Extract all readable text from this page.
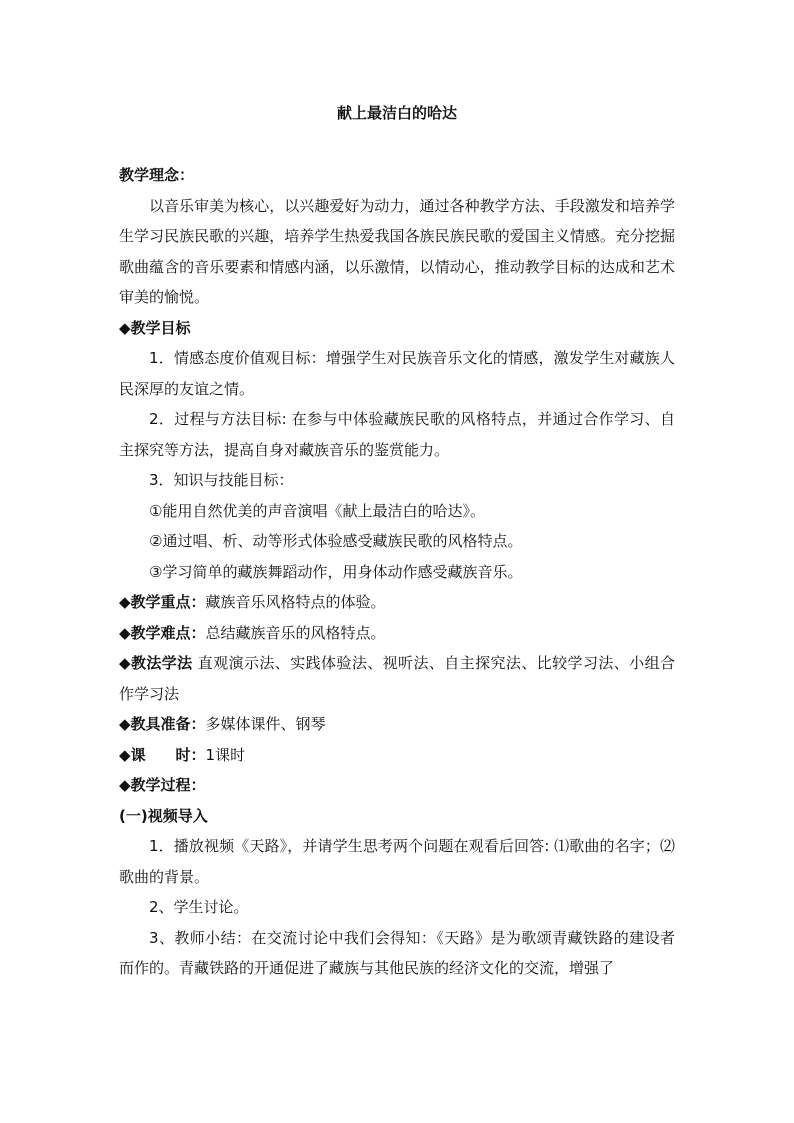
献上最洁白的哈达

教学理念：

以音乐审美为核心，以兴趣爱好为动力，通过各种教学方法、手段激发和培养学生学习民族民歌的兴趣，培养学生热爱我国各族民族民歌的爱国主义情感。充分挖掘歌曲蕴含的音乐要素和情感内涵，以乐激情，以情动心，推动教学目标的达成和艺术审美的愉悦。

◆教学目标

1．情感态度价值观目标：增强学生对民族音乐文化的情感，激发学生对藏族人民深厚的友谊之情。

2．过程与方法目标: 在参与中体验藏族民歌的风格特点，并通过合作学习、自主探究等方法，提高自身对藏族音乐的鉴赏能力。

3．知识与技能目标：

①能用自然优美的声音演唱《献上最洁白的哈达》。

②通过唱、析、动等形式体验感受藏族民歌的风格特点。

③学习简单的藏族舞蹈动作，用身体动作感受藏族音乐。

◆教学重点：藏族音乐风格特点的体验。

◆教学难点：总结藏族音乐的风格特点。

◆教法学法 直观演示法、实践体验法、视听法、自主探究法、比较学习法、小组合作学习法

◆教具准备：多媒体课件、钢琴

◆课　　时：1课时

◆教学过程：

(一)视频导入

1．播放视频《天路》，并请学生思考两个问题在观看后回答: ⑴歌曲的名字；⑵歌曲的背景。

2、学生讨论。

3、教师小结：在交流讨论中我们会得知：《天路》是为歌颂青藏铁路的建设者而作的。青藏铁路的开通促进了藏族与其他民族的经济文化的交流，增强了
